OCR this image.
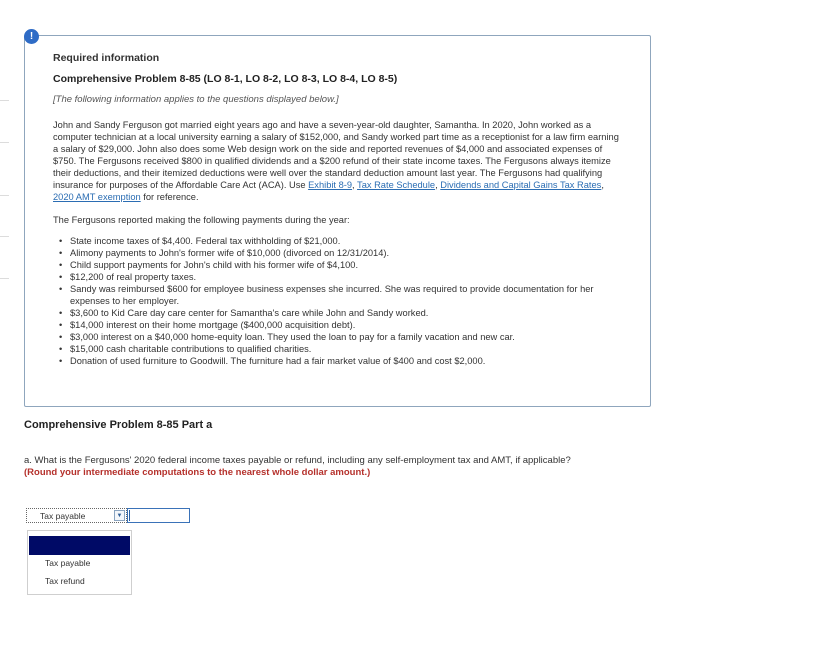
Required information
Comprehensive Problem 8-85 (LO 8-1, LO 8-2, LO 8-3, LO 8-4, LO 8-5)
[The following information applies to the questions displayed below.]
John and Sandy Ferguson got married eight years ago and have a seven-year-old daughter, Samantha. In 2020, John worked as a computer technician at a local university earning a salary of $152,000, and Sandy worked part time as a receptionist for a law firm earning a salary of $29,000. John also does some Web design work on the side and reported revenues of $4,000 and associated expenses of $750. The Fergusons received $800 in qualified dividends and a $200 refund of their state income taxes. The Fergusons always itemize their deductions, and their itemized deductions were well over the standard deduction amount last year. The Fergusons had qualifying insurance for purposes of the Affordable Care Act (ACA). Use Exhibit 8-9, Tax Rate Schedule, Dividends and Capital Gains Tax Rates, 2020 AMT exemption for reference.
The Fergusons reported making the following payments during the year:
• State income taxes of $4,400. Federal tax withholding of $21,000.
• Alimony payments to John's former wife of $10,000 (divorced on 12/31/2014).
• Child support payments for John's child with his former wife of $4,100.
• $12,200 of real property taxes.
• Sandy was reimbursed $600 for employee business expenses she incurred. She was required to provide documentation for her expenses to her employer.
• $3,600 to Kid Care day care center for Samantha's care while John and Sandy worked.
• $14,000 interest on their home mortgage ($400,000 acquisition debt).
• $3,000 interest on a $40,000 home-equity loan. They used the loan to pay for a family vacation and new car.
• $15,000 cash charitable contributions to qualified charities.
• Donation of used furniture to Goodwill. The furniture had a fair market value of $400 and cost $2,000.
!
Comprehensive Problem 8-85 Part a
a. What is the Fergusons' 2020 federal income taxes payable or refund, including any self-employment tax and AMT, if applicable?
(Round your intermediate computations to the nearest whole dollar amount.)
Tax payable	▼
Tax payable
Tax refund
